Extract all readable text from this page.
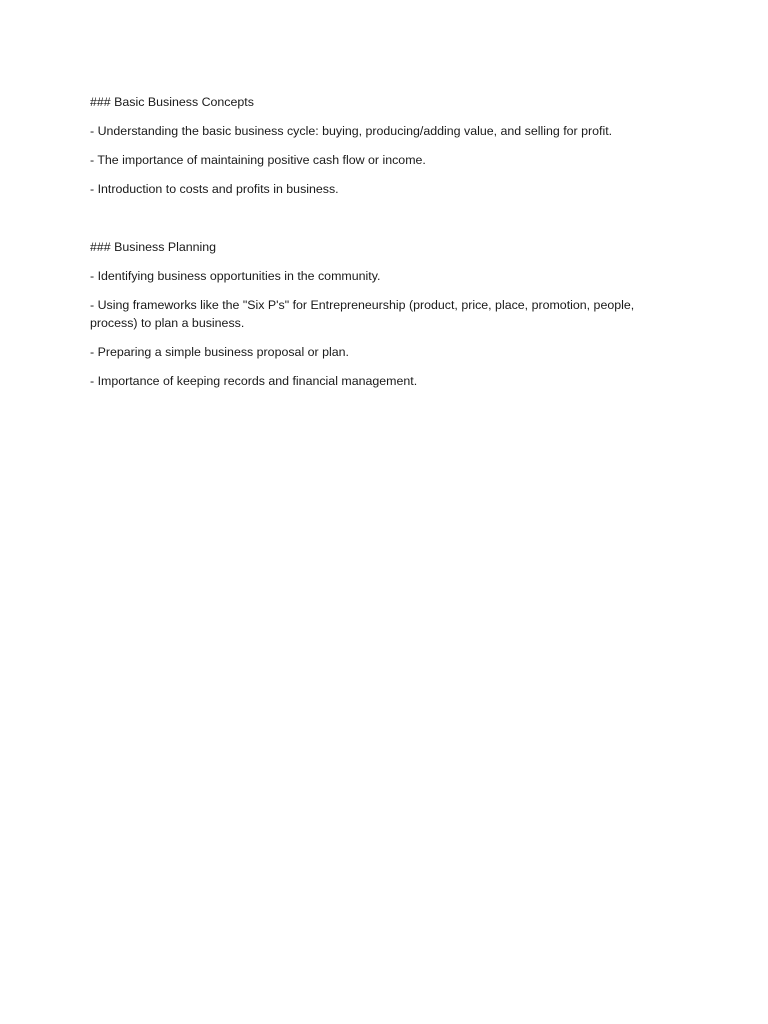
### Basic Business Concepts

- Understanding the basic business cycle: buying, producing/adding value, and selling for profit.

- The importance of maintaining positive cash flow or income.

- Introduction to costs and profits in business.

### Business Planning

- Identifying business opportunities in the community.

- Using frameworks like the "Six P's" for Entrepreneurship (product, price, place, promotion, people, process) to plan a business.

- Preparing a simple business proposal or plan.

- Importance of keeping records and financial management.
